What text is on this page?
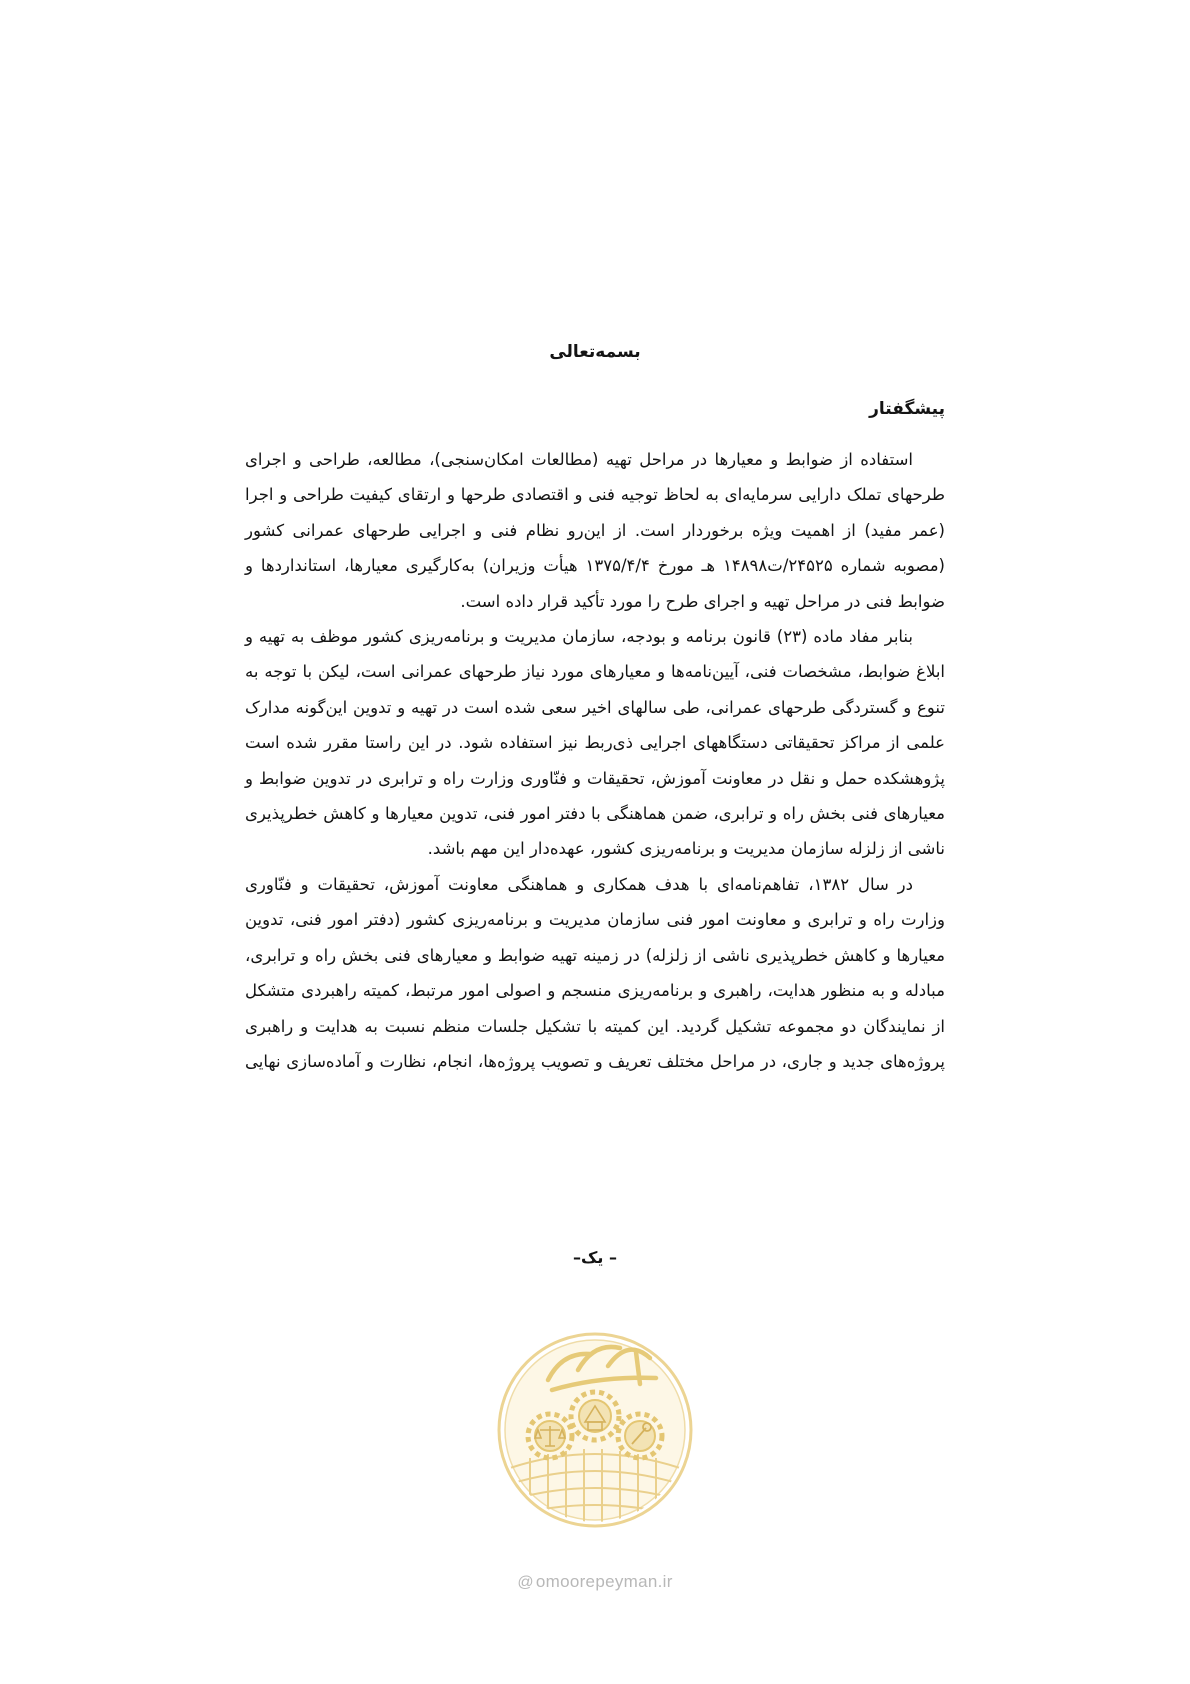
بسمه‌تعالی
پیشگفتار

استفاده از ضوابط و معیارها در مراحل تهیه (مطالعات امکان‌سنجی)، مطالعه، طراحی و اجرای طرحهای تملک دارایی سرمایه‌ای به لحاظ توجیه فنی و اقتصادی طرحها و ارتقای کیفیت طراحی و اجرا (عمر مفید) از اهمیت ویژه برخوردار است. از این‌رو نظام فنی و اجرایی طرحهای عمرانی کشور (مصوبه شماره ۲۴۵۲۵/ت۱۴۸۹۸ هـ مورخ ۱۳۷۵/۴/۴ هیأت وزیران) به‌کارگیری معیارها، استانداردها و ضوابط فنی در مراحل تهیه و اجرای طرح را مورد تأکید قرار داده است.

بنابر مفاد ماده (۲۳) قانون برنامه و بودجه، سازمان مدیریت و برنامه‌ریزی کشور موظف به تهیه و ابلاغ ضوابط، مشخصات فنی، آیین‌نامه‌ها و معیارهای مورد نیاز طرحهای عمرانی است، لیکن با توجه به تنوع و گستردگی طرحهای عمرانی، طی سالهای اخیر سعی شده است در تهیه و تدوین این‌گونه مدارک علمی از مراکز تحقیقاتی دستگاههای اجرایی ذی‌ربط نیز استفاده شود. در این راستا مقرر شده است پژوهشکده حمل و نقل در معاونت آموزش، تحقیقات و فنّاوری وزارت راه و ترابری در تدوین ضوابط و معیارهای فنی بخش راه و ترابری، ضمن هماهنگی با دفتر امور فنی، تدوین معیارها و کاهش خطرپذیری ناشی از زلزله سازمان مدیریت و برنامه‌ریزی کشور، عهده‌دار این مهم باشد.

در سال ۱۳۸۲، تفاهم‌نامه‌ای با هدف همکاری و هماهنگی معاونت آموزش، تحقیقات و فنّاوری وزارت راه و ترابری و معاونت امور فنی سازمان مدیریت و برنامه‌ریزی کشور (دفتر امور فنی، تدوین معیارها و کاهش خطرپذیری ناشی از زلزله) در زمینه تهیه ضوابط و معیارهای فنی بخش راه و ترابری، مبادله و به منظور هدایت، راهبری و برنامه‌ریزی منسجم و اصولی امور مرتبط، کمیته راهبردی متشکل از نمایندگان دو مجموعه تشکیل گردید. این کمیته با تشکیل جلسات منظم نسبت به هدایت و راهبری پروژه‌های جدید و جاری، در مراحل مختلف تعریف و تصویب پروژه‌ها، انجام، نظارت و آماده‌سازی نهایی

– یک–
@ omoorepeyman.ir
